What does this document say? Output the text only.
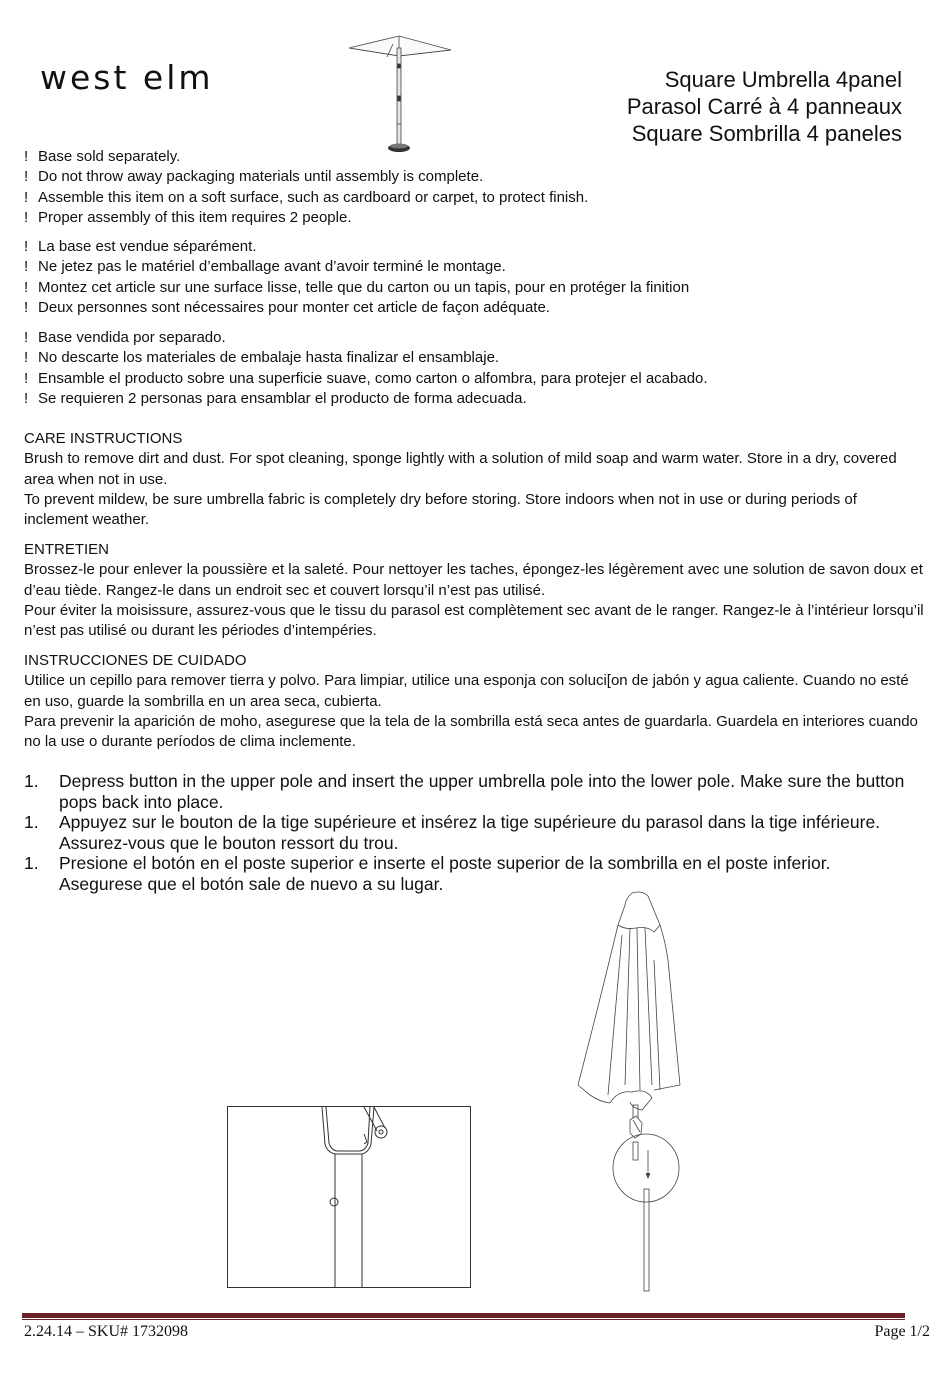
west elm	Square Umbrella 4panel
Parasol Carré à 4 panneaux
Square Sombrilla 4 paneles
! Base sold separately.
! Do not throw away packaging materials until assembly is complete.
! Assemble this item on a soft surface, such as cardboard or carpet, to protect finish.
! Proper assembly of this item requires 2 people.
! La base est vendue séparément.
! Ne jetez pas le matériel d’emballage avant d’avoir terminé le montage.
! Montez cet article sur une surface lisse, telle que du carton ou un tapis, pour en protéger la finition
! Deux personnes sont nécessaires pour monter cet article de façon adéquate.
! Base vendida por separado.
! No descarte los materiales de embalaje hasta finalizar el ensamblaje.
! Ensamble el producto sobre una superficie suave, como carton o alfombra, para protejer el acabado.
! Se requieren 2 personas para ensamblar el producto de forma adecuada.
CARE INSTRUCTIONS
Brush to remove dirt and dust. For spot cleaning, sponge lightly with a solution of mild soap and warm water. Store in a dry, covered area when not in use.
To prevent mildew, be sure umbrella fabric is completely dry before storing. Store indoors when not in use or during periods of inclement weather.
ENTRETIEN
Brossez-le pour enlever la poussière et la saleté. Pour nettoyer les taches, épongez-les légèrement avec une solution de savon doux et d’eau tiède. Rangez-le dans un endroit sec et couvert lorsqu’il n’est pas utilisé.
Pour éviter la moisissure, assurez-vous que le tissu du parasol est complètement sec avant de le ranger. Rangez-le à l’intérieur lorsqu’il n’est pas utilisé ou durant les périodes d’intempéries.
INSTRUCCIONES DE CUIDADO
Utilice un cepillo para remover tierra y polvo. Para limpiar, utilice una esponja con soluci[on de jabón y agua caliente. Cuando no esté en uso, guarde la sombrilla en un area seca, cubierta.
Para prevenir la aparición de moho, asegurese que la tela de la sombrilla está seca antes de guardarla. Guardela en interiores cuando no la use o durante períodos de clima inclemente.
1.	Depress button in the upper pole and insert the upper umbrella pole into the lower pole. Make sure the button pops back into place.
1.	Appuyez sur le bouton de la tige supérieure et insérez la tige supérieure du parasol dans la tige inférieure. Assurez-vous que le bouton ressort du trou.
1.	Presione el botón en el poste superior e inserte el poste superior de la sombrilla en el poste inferior. Asegurese que el botón sale de nuevo a su lugar.
2.24.14 – SKU# 1732098	Page 1/2
